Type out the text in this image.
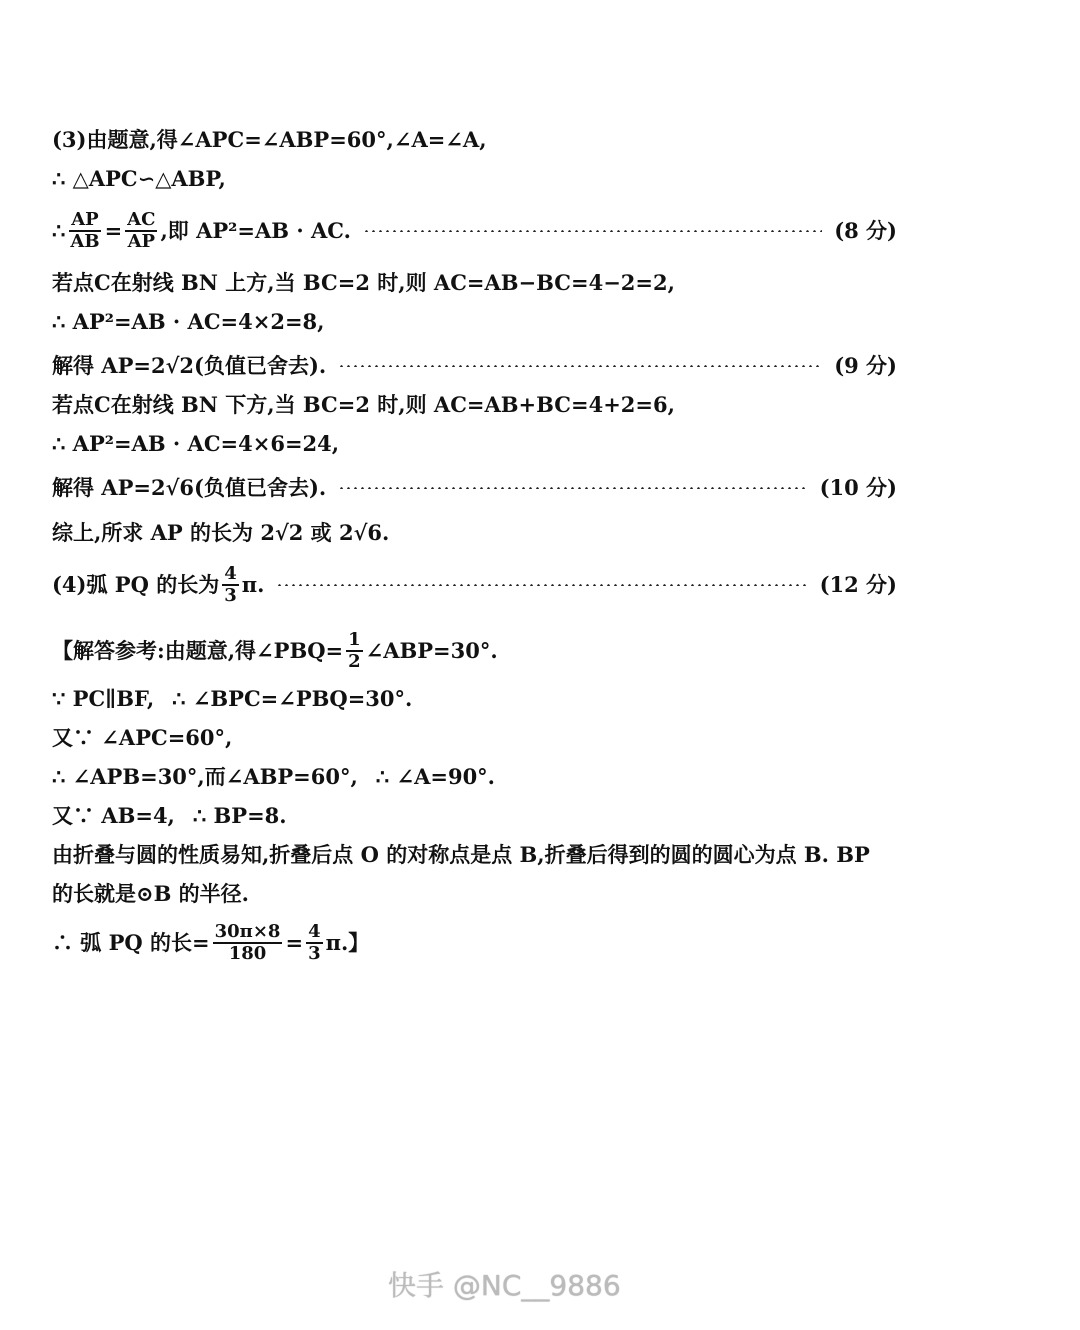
(3)由题意,得∠APC=∠ABP=60°,∠A=∠A,
∴ △APC∽△ABP,
∴ $\frac{AP}{AB} = \frac{AC}{AP}$ ,即 AP²=AB · AC.	(8 分)
若点C在射线 BN 上方,当 BC=2 时,则 AC=AB−BC=4−2=2,
∴ AP²=AB · AC=4×2=8,
解得 AP=2√2(负值已舍去).	(9 分)
若点C在射线 BN 下方,当 BC=2 时,则 AC=AB+BC=4+2=6,
∴ AP²=AB · AC=4×6=24,
解得 AP=2√6(负值已舍去).	(10 分)
综上,所求 AP 的长为 2√2 或 2√6.
(4)弧 PQ 的长为 $\frac{4}{3} \pi$.	(12 分)
【解答参考:由题意,得∠PBQ= $\frac{1}{2}$ ∠ABP=30°.
∵ PC∥BF, ∴ ∠BPC=∠PBQ=30°.
又∵ ∠APC=60°,
∴ ∠APB=30°,而∠ABP=60°, ∴ ∠A=90°.
又∵ AB=4, ∴ BP=8.
由折叠与圆的性质易知,折叠后点 O 的对称点是点 B,折叠后得到的圆的圆心为点 B. BP
的长就是⊙B 的半径.
∴ 弧 PQ 的长= $\frac{30\pi\times 8}{180} = \frac{4}{3} \pi$.】
快手 @NC__9886
